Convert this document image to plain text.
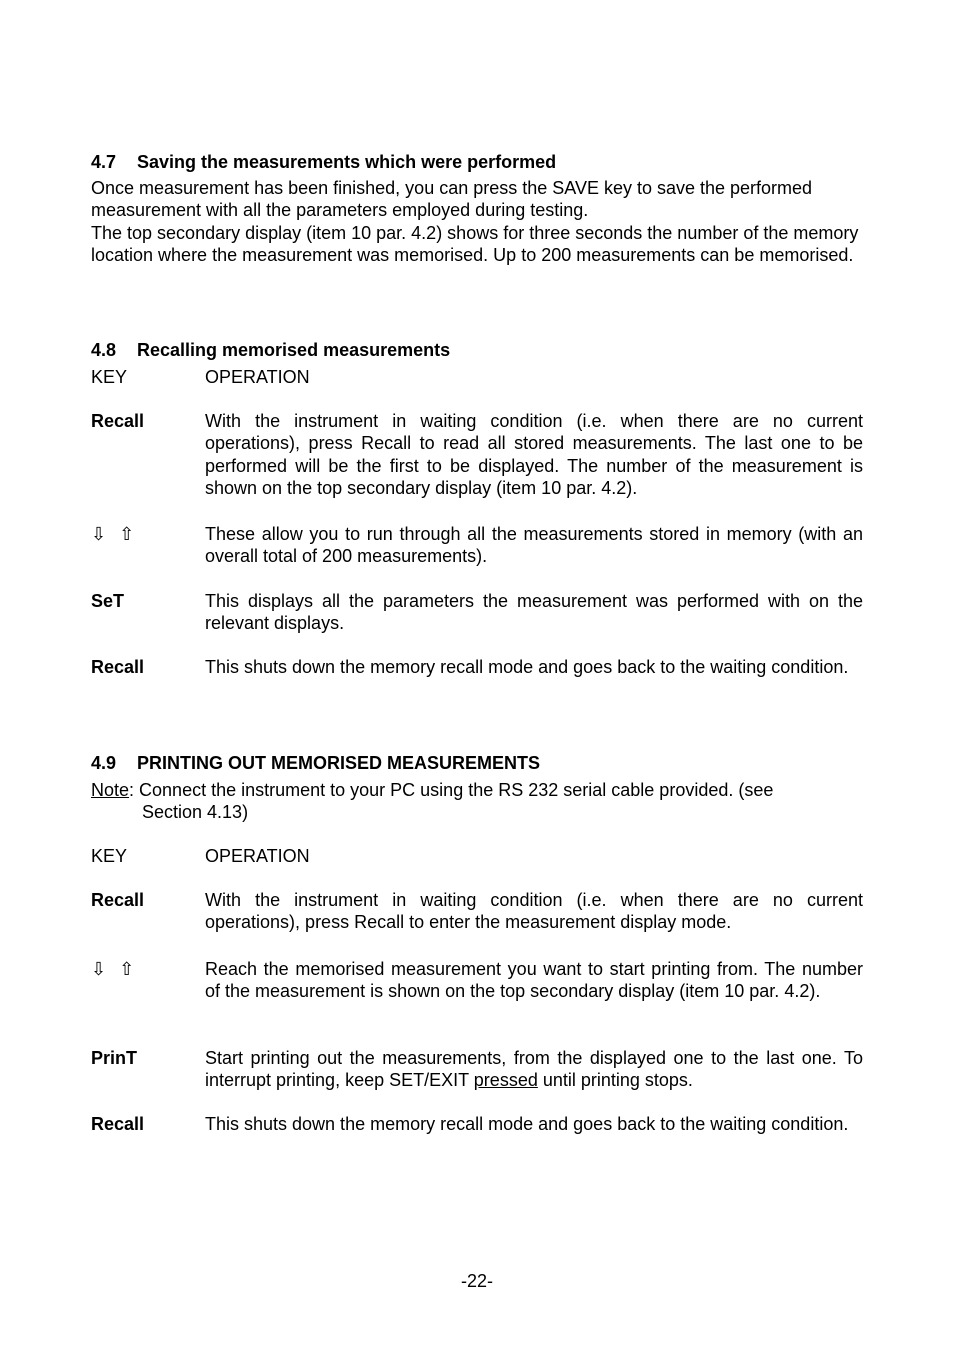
4.7 Saving the measurements which were performed

Once measurement has been finished, you can press the SAVE key to save the performed measurement with all the parameters employed during testing.

The top secondary display (item 10 par. 4.2) shows for three seconds the number of the memory location where the measurement was memorised. Up to 200 measurements can be memorised.

4.8 Recalling memorised measurements
KEY	OPERATION
Recall	With the instrument in waiting condition (i.e. when there are no current operations), press Recall to read all stored measurements. The last one to be performed will be the first to be displayed. The number of the measurement is shown on the top secondary display (item 10 par. 4.2).
⇩ ⇧	These allow you to run through all the measurements stored in memory (with an overall total of 200 measurements).
SeT	This displays all the parameters the measurement was performed with on the relevant displays.
Recall	This shuts down the memory recall mode and goes back to the waiting condition.
4.9 PRINTING OUT MEMORISED MEASUREMENTS
Note: Connect the instrument to your PC using the RS 232 serial cable provided. (see
Section 4.13)
KEY	OPERATION
Recall	With the instrument in waiting condition (i.e. when there are no current operations), press Recall to enter the measurement display mode.
⇩ ⇧	Reach the memorised measurement you want to start printing from. The number of the measurement is shown on the top secondary display (item 10 par. 4.2).
PrinT	Start printing out the measurements, from the displayed one to the last one. To interrupt printing, keep SET/EXIT pressed until printing stops.
Recall	This shuts down the memory recall mode and goes back to the waiting condition.
-22-
